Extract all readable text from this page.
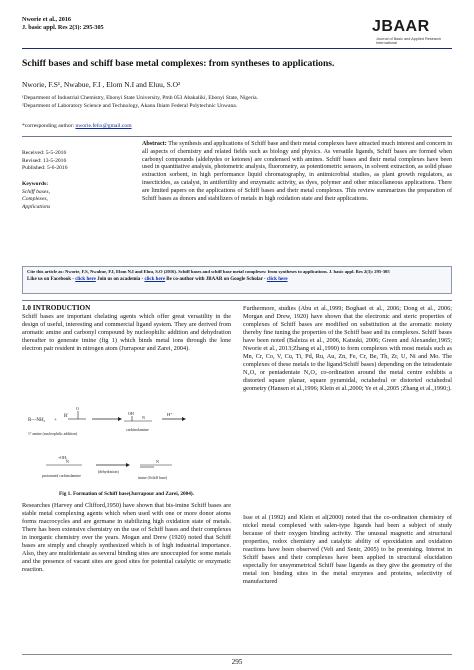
Nworie et al., 2016
J. basic appl. Res 2(3): 295-305	JBAAR
Journal of Basic and Applied Research International
Schiff bases and schiff base metal complexes: from syntheses to applications.
Nworie, F.S¹, Nwabue, F.I , Elom N.I and Eluu, S.O²
¹Department of Industrial Chemistry, Ebonyi State University, Pmb 053 Abakaliki, Ebonyi State, Nigeria.
²Department of Laboratory Science and Technology, Akanu Ibiam Federal Polytechnic Unwana.
*corresponding author: nworie.felix@gmail.com
Received: 5-5-2016
Revised: 13-5-2016
Published: 5-6-2016
Keywords:
Schiff bases,
Complexes,
Applications
Abstract: The synthesis and applications of Schiff base and their metal complexes have attracted much interest and concern in all aspects of chemistry and related fields such as biology and physics. As versatile ligands, Schiff bases are formed when carbonyl compounds (aldehydes or ketones) are condensed with amines. Schiff bases and their metal complexes have been used in quantitative analysis, photometric analysis, fluorometry, as potentiometric sensors, in solvent extraction, as solid phase extraction sorbent, in high performance liquid chromatography, in antimicrobial studies, as plant growth regulators, as insecticides, as catalyst, in antifertility and enzymatic activity, as dyes, polymer and other miscellaneous applications. There are limited papers on the applications of Schiff bases and their metal complexes. This review summarizes the preparation of Schiff bases as donors and stabilizers of metals in high oxidation state and their applications.
Cite this article as: Nworie, F.S, Nwabue, F.I, Elom N.I and Eluu, S.O (2016). Schiff bases and schiff base metal complexes: from syntheses to applications. J. basic appl. Res 2(3): 295-305
Like us on Facebook - click here Join us on academia - click here Be co-author with JBAAR on Google Scholar - click here
1.0 INTRODUCTION
Schiff bases are important chelating agents which offer great versatility in the design of useful, interesting and commercial ligand system. They are derived from aromatic amine and carbonyl compound by nucleophilic addition and dehydration thereafter to generate imine (fig 1) which binds metal ions through the lone electron pair resident in nitrogen atom (Jurrapour and Zarei, 2004).
R—NH₂ +
R′
O
OH
N
carbinolamine
H⁺
1° amine (nucleophilic addition)
+OH₂
N
protonated carbinolamine
(dehydration)
N
imine (Schiff base)
Fig 1. Formation of Schiff base(Jurrapour and Zarei, 2004).
Researches (Harvey and Clifford,1950) have shown that bis-imine Schiff bases are stable metal complexing agents which when used with one or more donor atoms forms macrocycles and are germane in stabilizing high oxidation state of metals. There has been extensive chemistry on the use of Schiff bases and their complexes in inorganic chemistry over the years. Mogan and Drew (1920) noted that Schiff bases are simply and cheaply synthesized which is of high industrial importance. Also, they are multidentate as several binding sites are unoccupied for some metals and the presence of vacant sites are good sites for potential catalytic or enzymatic reaction.
Furthermore, studies (Abu et al.,1999; Boghaei et al., 2006; Dong et al., 2006; Morgan and Drew, 1920) have shown that the electronic and steric properties of complexes of Schiff bases are modified on substitution at the aromatic moiety thereby fine tuning the properties of the Schiff base and its complexes. Schiff bases have been noted (Baleiza et al., 2006, Katsuki, 2006; Green and Alexander,1965; Nworie et al., 2013;Zhang et al.,1990) to form complexes with most metals such as Mn, Cr, Co, V, Cu, Ti, Pd, Ru, Au, Zn, Fe, Cr, Be, Th, Zr, U, Ni and Mo. The complexes of these metals to the ligand/Schiff bases) depending on the tetradentate N₂O₂ or pentadentate N₃O₂ co-ordination around the metal centre exhibits a distorted square planar, square pyramidal, octahedral or distorted octahedral geometry (Hansen et al.,1996; Klein et al.,2000; Ye et al.,2005 ;Zhang et al.,1990;).
Isse et al (1992) and Klein et al(2000) noted that the co-ordination chemistry of nickel metal complexed with salen-type ligands had been a subject of study because of their oxygen binding activity. The unusual magnetic and structural properties, redox chemistry and catalytic ability of epoxidation and oxidation reactions have been observed (Veli and Senir, 2005) to be promising. Interest in Schiff bases and their complexes have been applied in structural elucidation especially for unsymmetrical Schiff base ligands as they give the geometry of the metal ion binding sites in the metal enzymes and proteins, selectivity of manufactured
295
